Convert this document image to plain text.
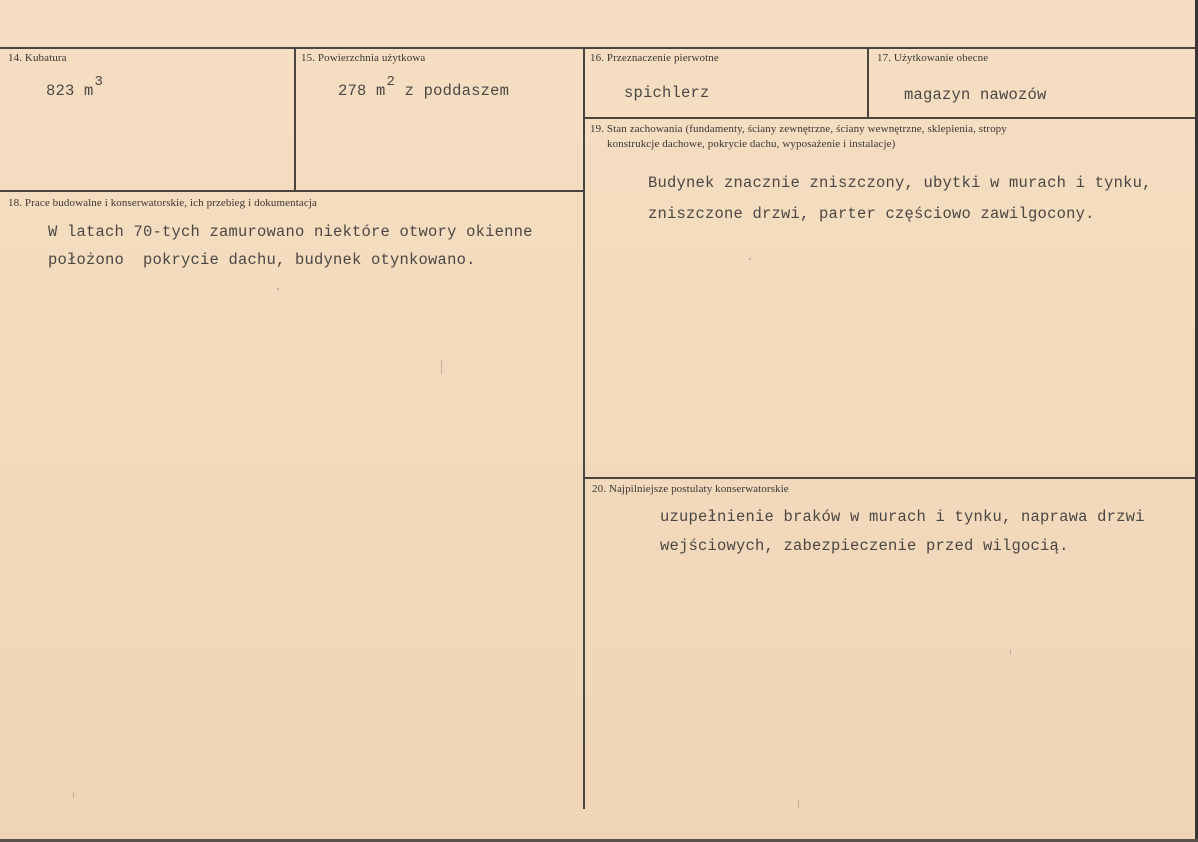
14. Kubatura
823 m3
15. Powierzchnia użytkowa
278 m2 z poddaszem
16. Przeznaczenie pierwotne
spichlerz
17. Użytkowanie obecne
magazyn nawozów
18. Prace budowalne i konserwatorskie, ich przebieg i dokumentacja
W latach 70-tych zamurowano niektóre otwory okienne
położono  pokrycie dachu, budynek otynkowano.
19. Stan zachowania (fundamenty, ściany zewnętrzne, ściany wewnętrzne, sklepienia, stropy
konstrukcje dachowe, pokrycie dachu, wyposażenie i instalacje)
Budynek znacznie zniszczony, ubytki w murach i tynku,
zniszczone drzwi, parter częściowo zawilgocony.
20. Najpilniejsze postulaty konserwatorskie
uzupełnienie braków w murach i tynku, naprawa drzwi
wejściowych, zabezpieczenie przed wilgocią.
